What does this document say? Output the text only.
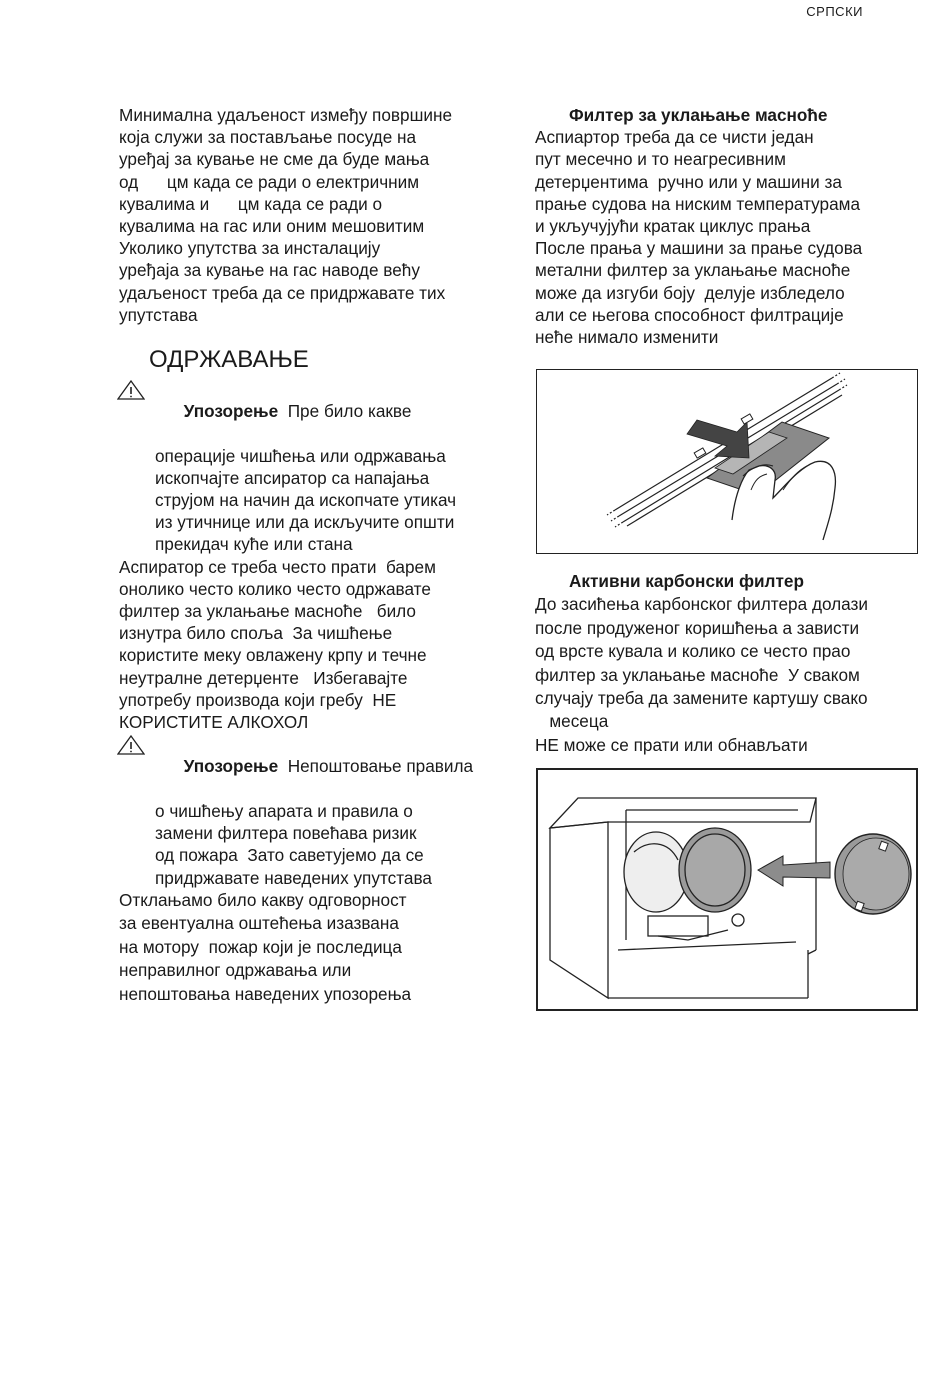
СРПСКИ
Минимална удаљеност између површине
која служи за постављање посуде на
уређај за кување не сме да буде мања
од      цм када се ради о електричним
кувалима и      цм када се ради о
кувалима на гас или оним мешовитим
Уколико упутства за инсталацију
уређаја за кување на гас наводе већу
удаљеност треба да се придржавате тих
упутстава
ОДРЖАВАЊЕ

Упозорење  Пре било какве

операције чишћења или одржавања
ископчајте апсиратор са напајања
струјом на начин да ископчате утикач
из утичнице или да искључите општи
прекидач куће или стана
Аспиратор се треба често прати  барем
онолико често колико често одржавате
филтер за уклањање масноће   било
изнутра било споља  За чишћење
користите меку овлажену крпу и течне
неутралне детерџенте   Избегавајте
употребу производа који гребу  НЕ
КОРИСТИТЕ АЛКОХОЛ

Упозорење  Непоштовање правила

о чишћењу апарата и правила о
замени филтера повећава ризик
од пожара  Зато саветујемо да се
придржавате наведених упутстава
Отклањамо било какву одговорност
за евентуална оштећења изазвана
на мотору  пожар који је последица
неправилног одржавања или
непоштовања наведених упозорења
Филтер за уклањање масноће
Аспиартор треба да се чисти један
пут месечно и то неагресивним
детерџентима  ручно или у машини за
прање судова на ниским температурама
и укључујући кратак циклус прања
После прања у машини за прање судова
метални филтер за уклањање масноће
може да изгуби боју  делује избледело
али се његова способност филтрације
неће нимало изменити
Активни карбонски филтер
До засићења карбонског филтера долази
после продуженог коришћења а зависти
од врсте кувала и колико се често прао
филтер за уклањање масноће  У сваком
случају треба да замените картушу свако
месеца
НЕ може се прати или обнављати
